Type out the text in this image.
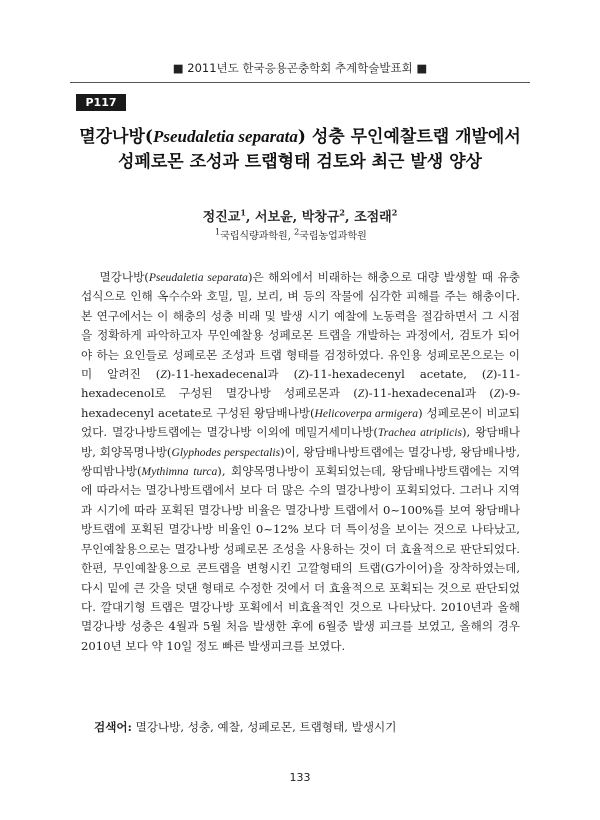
■ 2011년도 한국응용곤충학회 추계학술발표회 ■
P117
멸강나방(Pseudaletia separata) 성충 무인예찰트랩 개발에서
성페로몬 조성과 트랩형태 검토와 최근 발생 양상
정진교$^1$, 서보윤, 박창규$^2$, 조점래$^2$
$^1$국립식량과학원, $^2$국립농업과학원
멸강나방(Pseudaletia separata)은 해외에서 비래하는 해충으로 대량 발생할 때 유충 섭식으로 인해 옥수수와 호밀, 밀, 보리, 벼 등의 작물에 심각한 피해를 주는 해충이다. 본 연구에서는 이 해충의 성충 비래 및 발생 시기 예찰에 노동력을 절감하면서 그 시점을 정확하게 파악하고자 무인예찰용 성페로몬 트랩을 개발하는 과정에서, 검토가 되어야 하는 요인들로 성페로몬 조성과 트랩 형태를 검정하였다. 유인용 성페로몬으로는 이미 알려진 (Z)-11-hexadecenal과 (Z)-11-hexadecenyl acetate, (Z)-11-hexadecenol로 구성된 멸강나방 성페로몬과 (Z)-11-hexadecenal과 (Z)-9-hexadecenyl acetate로 구성된 왕담배나방(Helicoverpa armigera) 성페로몬이 비교되었다. 멸강나방트랩에는 멸강나방 이외에 메밀거세미나방(Trachea atriplicis), 왕담배나방, 회양목명나방(Glyphodes perspectalis)이, 왕담배나방트랩에는 멸강나방, 왕담배나방, 쌍띠밤나방(Mythimna turca), 회양목명나방이 포획되었는데, 왕담배나방트랩에는 지역에 따라서는 멸강나방트랩에서 보다 더 많은 수의 멸강나방이 포획되었다. 그러나 지역과 시기에 따라 포획된 멸강나방 비율은 멸강나방 트랩에서 0~100%를 보여 왕담배나방트랩에 포획된 멸강나방 비율인 0~12% 보다 더 특이성을 보이는 것으로 나타났고, 무인예찰용으로는 멸강나방 성페로몬 조성을 사용하는 것이 더 효율적으로 판단되었다. 한편, 무인예찰용으로 콘트랩을 변형시킨 고깔형태의 트랩(G가이어)을 장착하였는데, 다시 밑에 큰 갓을 덧댄 형태로 수정한 것에서 더 효율적으로 포획되는 것으로 판단되었다. 깔대기형 트랩은 멸강나방 포획에서 비효율적인 것으로 나타났다. 2010년과 올해 멸강나방 성충은 4월과 5월 처음 발생한 후에 6월중 발생 피크를 보였고, 올해의 경우 2010년 보다 약 10일 정도 빠른 발생피크를 보였다.
검색어: 멸강나방, 성충, 예찰, 성페로몬, 트랩형태, 발생시기
133
